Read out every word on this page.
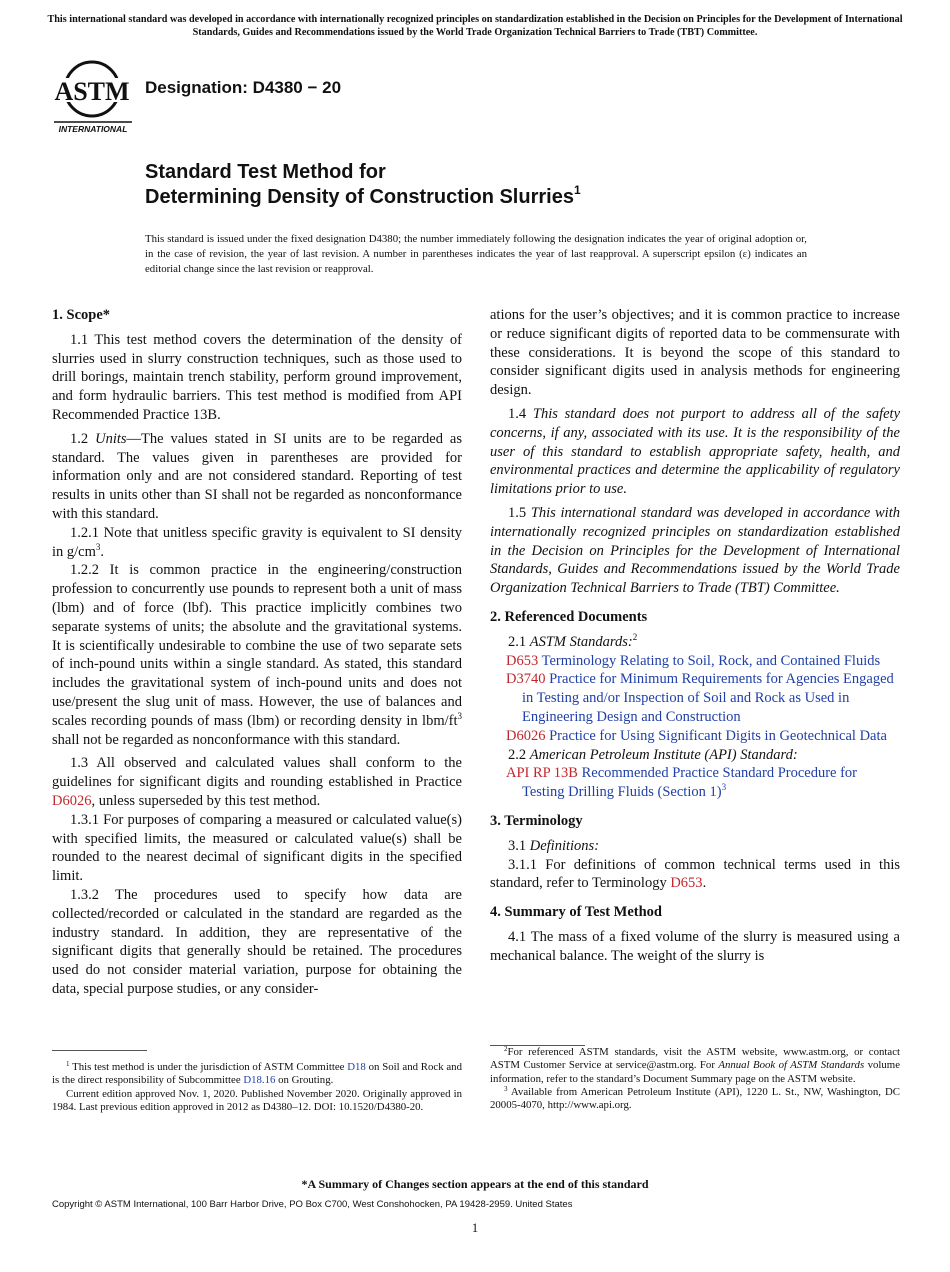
This international standard was developed in accordance with internationally recognized principles on standardization established in the Decision on Principles for the Development of International Standards, Guides and Recommendations issued by the World Trade Organization Technical Barriers to Trade (TBT) Committee.
ASTM
INTERNATIONAL
Designation: D4380 − 20
Standard Test Method for
Determining Density of Construction Slurries$^1$
This standard is issued under the fixed designation D4380; the number immediately following the designation indicates the year of original adoption or, in the case of revision, the year of last revision. A number in parentheses indicates the year of last reapproval. A superscript epsilon (ε) indicates an editorial change since the last revision or reapproval.
1. Scope*

1.1 This test method covers the determination of the density of slurries used in slurry construction techniques, such as those used to drill borings, maintain trench stability, perform ground improvement, and form hydraulic barriers. This test method is modified from API Recommended Practice 13B.

1.2 Units—The values stated in SI units are to be regarded as standard. The values given in parentheses are provided for information only and are not considered standard. Reporting of test results in units other than SI shall not be regarded as nonconformance with this standard.

1.2.1 Note that unitless specific gravity is equivalent to SI density in $g/cm^3$.

1.2.2 It is common practice in the engineering/construction profession to concurrently use pounds to represent both a unit of mass (lbm) and of force (lbf). This practice implicitly combines two separate systems of units; the absolute and the gravitational systems. It is scientifically undesirable to combine the use of two separate sets of inch-pound units within a single standard. As stated, this standard includes the gravitational system of inch-pound units and does not use/present the slug unit of mass. However, the use of balances and scales recording pounds of mass (lbm) or recording density in lbm/$ft^3$ shall not be regarded as nonconformance with this standard.

1.3 All observed and calculated values shall conform to the guidelines for significant digits and rounding established in Practice D6026, unless superseded by this test method.

1.3.1 For purposes of comparing a measured or calculated value(s) with specified limits, the measured or calculated value(s) shall be rounded to the nearest decimal of significant digits in the specified limit.

1.3.2 The procedures used to specify how data are collected/recorded or calculated in the standard are regarded as the industry standard. In addition, they are representative of the significant digits that generally should be retained. The procedures used do not consider material variation, purpose for obtaining the data, special purpose studies, or any consider-

ations for the user’s objectives; and it is common practice to increase or reduce significant digits of reported data to be commensurate with these considerations. It is beyond the scope of this standard to consider significant digits used in analysis methods for engineering design.

1.4 This standard does not purport to address all of the safety concerns, if any, associated with its use. It is the responsibility of the user of this standard to establish appropriate safety, health, and environmental practices and determine the applicability of regulatory limitations prior to use.

1.5 This international standard was developed in accordance with internationally recognized principles on standardization established in the Decision on Principles for the Development of International Standards, Guides and Recommendations issued by the World Trade Organization Technical Barriers to Trade (TBT) Committee.

2. Referenced Documents

2.1 ASTM Standards:$^2$

D653 Terminology Relating to Soil, Rock, and Contained Fluids

D3740 Practice for Minimum Requirements for Agencies Engaged in Testing and/or Inspection of Soil and Rock as Used in Engineering Design and Construction

D6026 Practice for Using Significant Digits in Geotechnical Data

2.2 American Petroleum Institute (API) Standard:

API RP 13B Recommended Practice Standard Procedure for Testing Drilling Fluids (Section 1)$^3$

3. Terminology

3.1 Definitions:

3.1.1 For definitions of common technical terms used in this standard, refer to Terminology D653.

4. Summary of Test Method

4.1 The mass of a fixed volume of the slurry is measured using a mechanical balance. The weight of the slurry is

$^1$ This test method is under the jurisdiction of ASTM Committee D18 on Soil and Rock and is the direct responsibility of Subcommittee D18.16 on Grouting.

Current edition approved Nov. 1, 2020. Published November 2020. Originally approved in 1984. Last previous edition approved in 2012 as D4380–12. DOI: 10.1520/D4380-20.

$^2$For referenced ASTM standards, visit the ASTM website, www.astm.org, or contact ASTM Customer Service at service@astm.org. For Annual Book of ASTM Standards volume information, refer to the standard’s Document Summary page on the ASTM website.

$^3$ Available from American Petroleum Institute (API), 1220 L. St., NW, Washington, DC 20005-4070, http://www.api.org.

*A Summary of Changes section appears at the end of this standard
Copyright © ASTM International, 100 Barr Harbor Drive, PO Box C700, West Conshohocken, PA 19428-2959. United States
1
